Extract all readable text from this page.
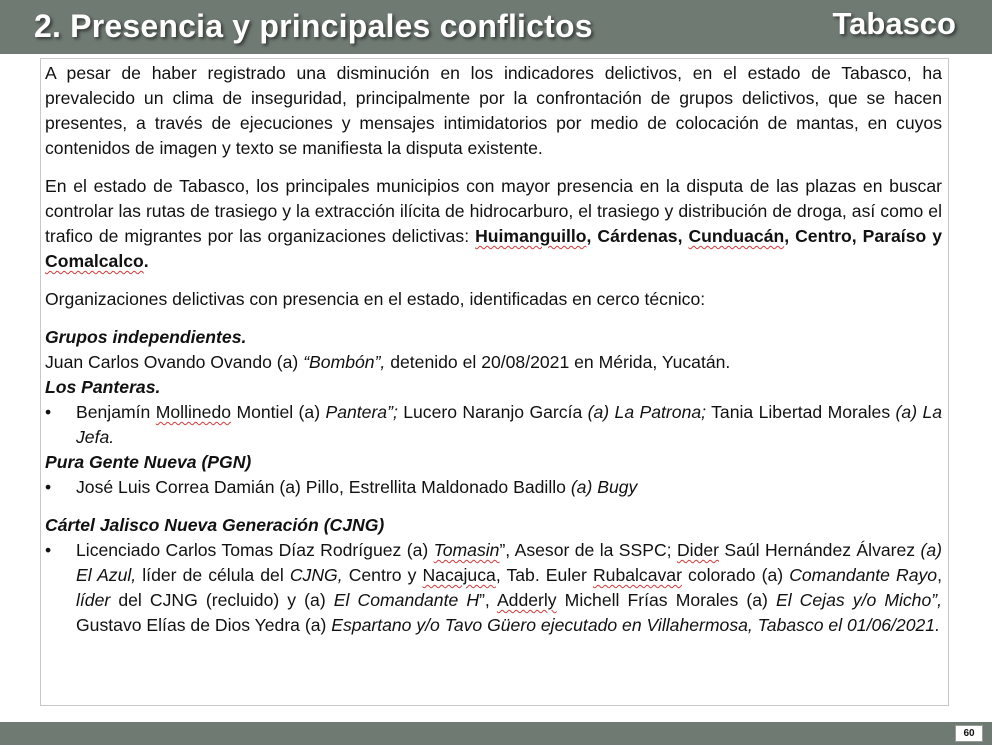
2. Presencia y principales conflictos	Tabasco

A pesar de haber registrado una disminución en los indicadores delictivos, en el estado de Tabasco, ha prevalecido un clima de inseguridad, principalmente por la confrontación de grupos delictivos, que se hacen presentes, a través de ejecuciones y mensajes intimidatorios por medio de colocación de mantas, en cuyos contenidos de imagen y texto se manifiesta la disputa existente.

En el estado de Tabasco, los principales municipios con mayor presencia en la disputa de las plazas en buscar controlar las rutas de trasiego y la extracción ilícita de hidrocarburo, el trasiego y distribución de droga, así como el trafico de migrantes por las organizaciones delictivas: Huimanguillo, Cárdenas, Cunduacán, Centro, Paraíso y Comalcalco.

Organizaciones delictivas con presencia en el estado, identificadas en cerco técnico:

Grupos independientes.

Juan Carlos Ovando Ovando (a) “Bombón”, detenido el 20/08/2021 en Mérida, Yucatán.

Los Panteras.

• Benjamín Mollinedo Montiel (a) Pantera”; Lucero Naranjo García (a) La Patrona; Tania Libertad Morales (a) La Jefa.

Pura Gente Nueva (PGN)

• José Luis Correa Damián (a) Pillo, Estrellita Maldonado Badillo (a) Bugy

Cártel Jalisco Nueva Generación (CJNG)

• Licenciado Carlos Tomas Díaz Rodríguez (a) Tomasin”, Asesor de la SSPC; Dider Saúl Hernández Álvarez (a) El Azul, líder de célula del CJNG, Centro y Nacajuca, Tab. Euler Rubalcavar colorado (a) Comandante Rayo, líder del CJNG (recluido) y (a) El Comandante H”, Adderly Michell Frías Morales (a) El Cejas y/o Micho”, Gustavo Elías de Dios Yedra (a) Espartano y/o Tavo Güero ejecutado en Villahermosa, Tabasco el 01/06/2021.

60
